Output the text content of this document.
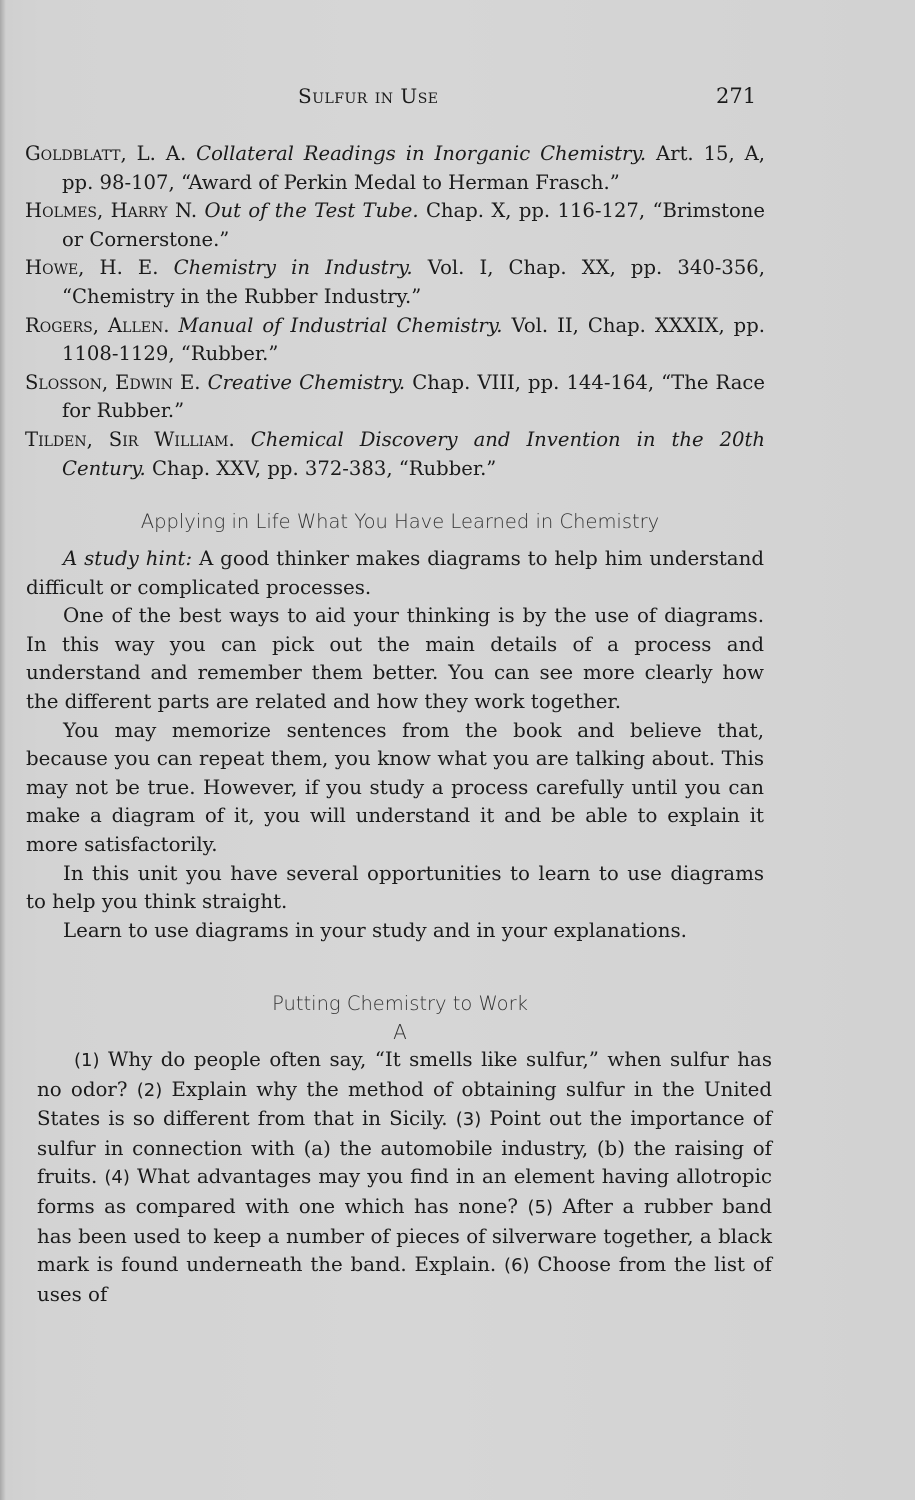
Sulfur in Use	271
Goldblatt, L. A. Collateral Readings in Inorganic Chemistry. Art. 15, A, pp. 98-107, “Award of Perkin Medal to Herman Frasch.”
Holmes, Harry N. Out of the Test Tube. Chap. X, pp. 116-127, “Brimstone or Cornerstone.”
Howe, H. E. Chemistry in Industry. Vol. I, Chap. XX, pp. 340-356, “Chemistry in the Rubber Industry.”
Rogers, Allen. Manual of Industrial Chemistry. Vol. II, Chap. XXXIX, pp. 1108-1129, “Rubber.”
Slosson, Edwin E. Creative Chemistry. Chap. VIII, pp. 144-164, “The Race for Rubber.”
Tilden, Sir William. Chemical Discovery and Invention in the 20th Century. Chap. XXV, pp. 372-383, “Rubber.”
Applying in Life What You Have Learned in Chemistry

A study hint: A good thinker makes diagrams to help him understand difficult or complicated processes.

One of the best ways to aid your thinking is by the use of diagrams. In this way you can pick out the main details of a process and understand and remember them better. You can see more clearly how the different parts are related and how they work together.

You may memorize sentences from the book and believe that, because you can repeat them, you know what you are talking about. This may not be true. However, if you study a process carefully until you can make a diagram of it, you will understand it and be able to explain it more satisfactorily.

In this unit you have several opportunities to learn to use diagrams to help you think straight.

Learn to use diagrams in your study and in your explanations.

Putting Chemistry to Work
A

(1) Why do people often say, “It smells like sulfur,” when sulfur has no odor? (2) Explain why the method of obtaining sulfur in the United States is so different from that in Sicily. (3) Point out the importance of sulfur in connection with (a) the automobile industry, (b) the raising of fruits. (4) What advantages may you find in an element having allotropic forms as compared with one which has none? (5) After a rubber band has been used to keep a number of pieces of silverware together, a black mark is found underneath the band. Explain. (6) Choose from the list of uses of
